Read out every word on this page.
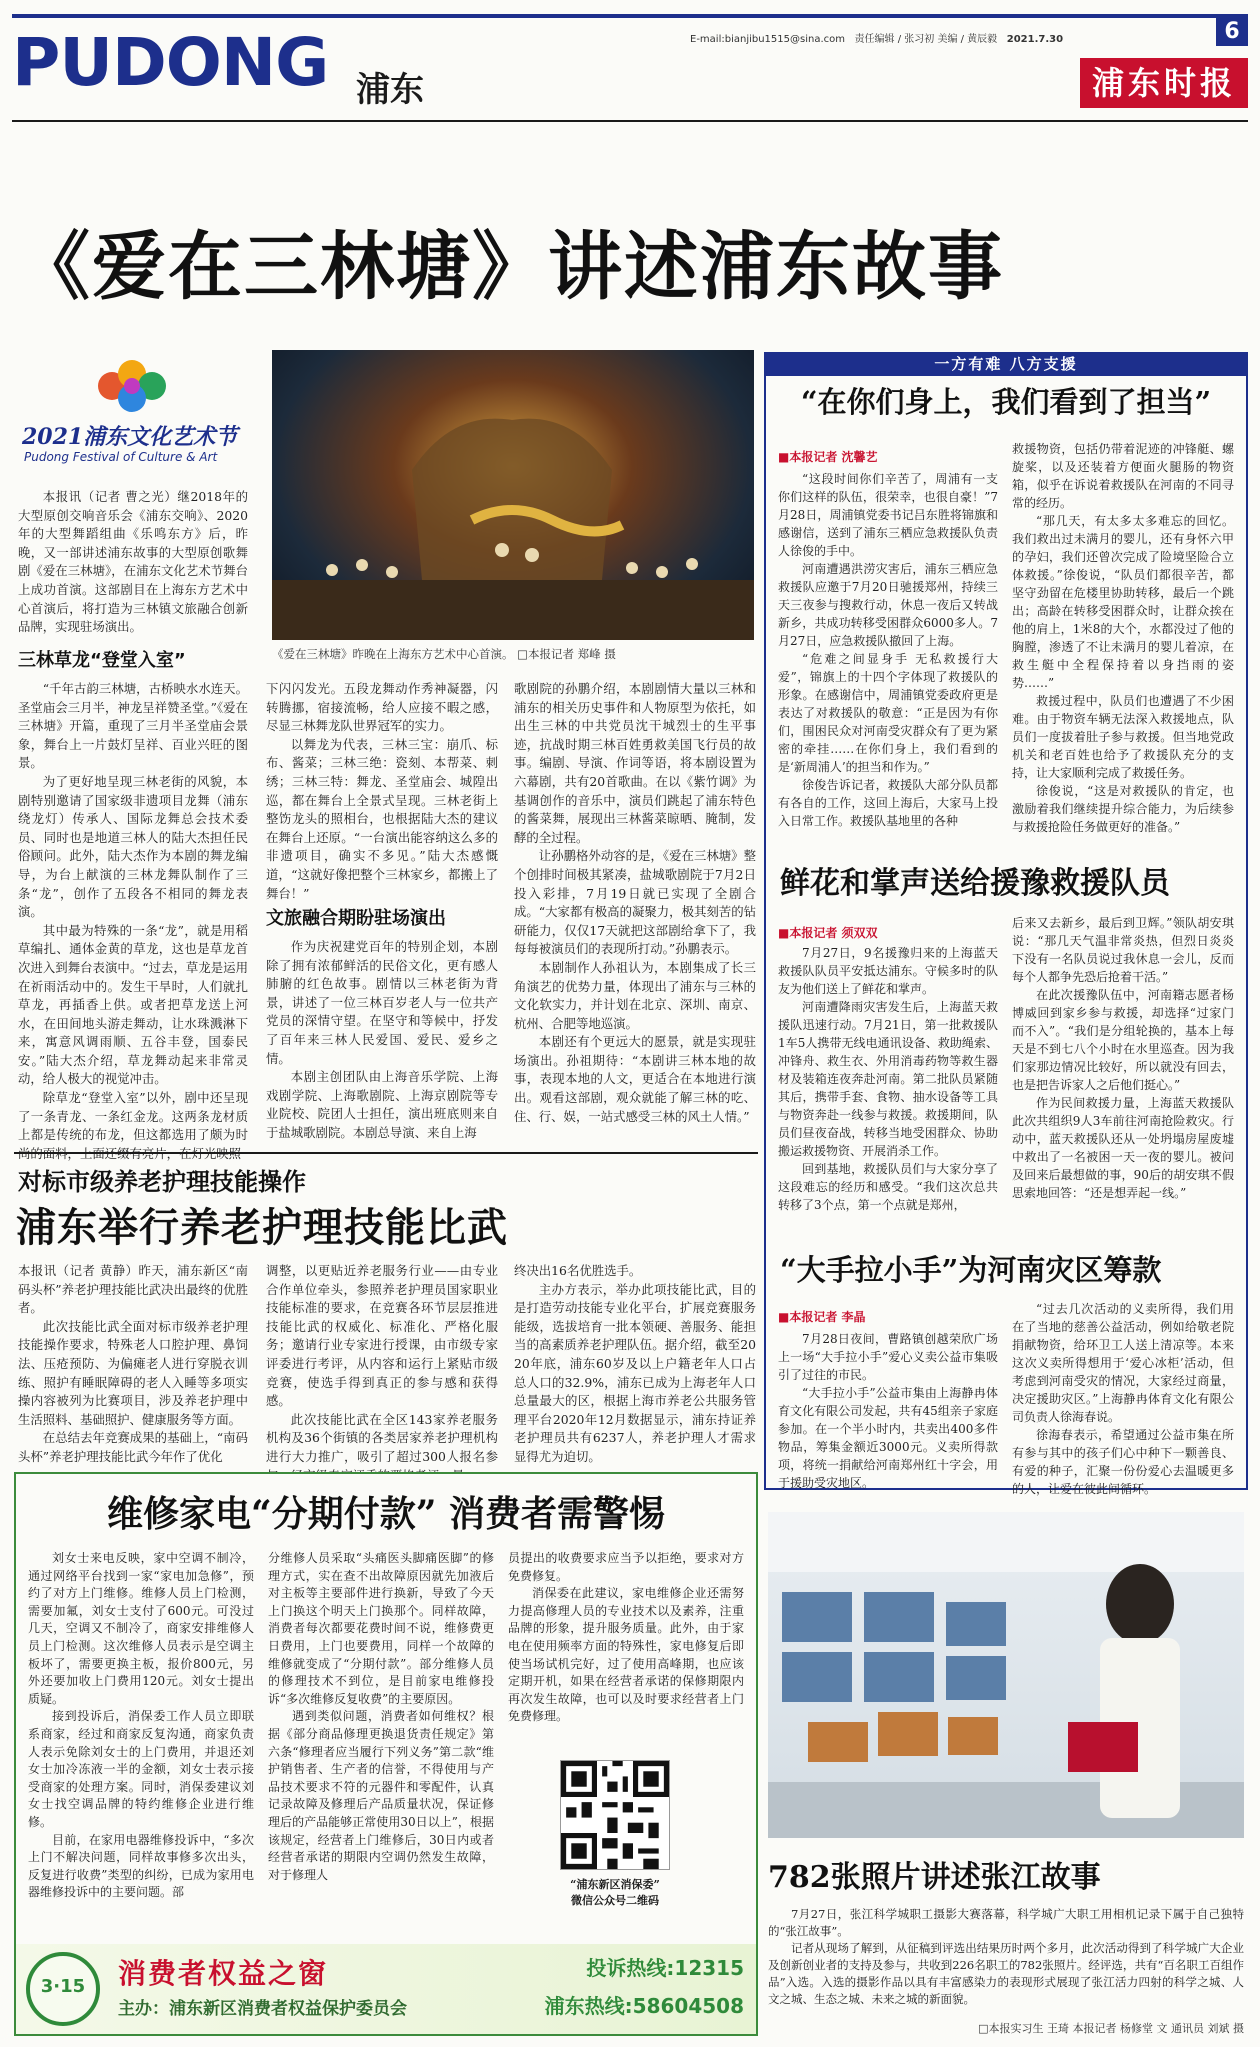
PUDONG 浦东
E-mail:bianjibu1515@sina.com 责任编辑 / 张习初 美编 / 黄辰毅 2021.7.30	6
浦东时报
《爱在三林塘》讲述浦东故事
2021浦东文化艺术节
Pudong Festival of Culture & Art

本报讯（记者 曹之光）继2018年的大型原创交响音乐会《浦东交响》、2020年的大型舞蹈组曲《乐鸣东方》后，昨晚，又一部讲述浦东故事的大型原创歌舞剧《爱在三林塘》，在浦东文化艺术节舞台上成功首演。这部剧目在上海东方艺术中心首演后，将打造为三林镇文旅融合创新品牌，实现驻场演出。

《爱在三林塘》昨晚在上海东方艺术中心首演。 □本报记者 郑峰 摄
三林草龙“登堂入室”

“千年古韵三林塘，古桥映水水连天。圣堂庙会三月半，神龙呈祥赞圣堂。”《爱在三林塘》开篇，重现了三月半圣堂庙会景象，舞台上一片鼓灯呈祥、百业兴旺的图景。

为了更好地呈现三林老街的风貌，本剧特别邀请了国家级非遗项目龙舞（浦东绕龙灯）传承人、国际龙舞总会技术委员、同时也是地道三林人的陆大杰担任民俗顾问。此外，陆大杰作为本剧的舞龙编导，为台上献演的三林龙舞队制作了三条“龙”，创作了五段各不相同的舞龙表演。

其中最为特殊的一条“龙”，就是用稻草编扎、通体金黄的草龙，这也是草龙首次进入到舞台表演中。“过去，草龙是运用在祈雨活动中的。发生干旱时，人们就扎草龙，再插香上供。或者把草龙送上河水，在田间地头游走舞动，让水珠溅淋下来，寓意风调雨顺、五谷丰登，国泰民安。”陆大杰介绍，草龙舞动起来非常灵动，给人极大的视觉冲击。

除草龙“登堂入室”以外，剧中还呈现了一条青龙、一条红金龙。这两条龙材质上都是传统的布龙，但这都选用了颇为时

下闪闪发光。五段龙舞动作秀神凝器，闪转腾挪，宿接流畅，给人应接不暇之感，尽显三林舞龙队世界冠军的实力。

以舞龙为代表，三林三宝：崩爪、标布、酱菜；三林三绝：瓷刻、本帮菜、刺绣；三林三特：舞龙、圣堂庙会、城隍出巡，都在舞台上全景式呈现。三林老街上整饬龙头的照相台，也根据陆大杰的建议在舞台上还原。“一台演出能容纳这么多的非遗项目，确实不多见。”陆大杰感慨道，“这就好像把整个三林家乡，都搬上了舞台！”

文旅融合期盼驻场演出

作为庆祝建党百年的特别企划，本剧除了拥有浓郁鲜活的民俗文化，更有感人肺腑的红色故事。剧情以三林老街为背景，讲述了一位三林百岁老人与一位共产党员的深情守望。在坚守和等候中，抒发了百年来三林人民爱国、爱民、爱乡之情。

本剧主创团队由上海音乐学院、上海戏剧学院、上海歌剧院、上海京剧院等专业院校、院团人士担任，演出班底则来自于盐城歌剧院。本剧总导演、来自上海

歌剧院的孙鹏介绍，本剧剧情大量以三林和浦东的相关历史事件和人物原型为依托，如出生三林的中共党员沈干城烈士的生平事迹，抗战时期三林百姓勇救美国飞行员的故事。编剧、导演、作词等语，将本剧设置为六幕剧，共有20首歌曲。在以《紫竹调》为基调创作的音乐中，演员们跳起了浦东特色的酱菜舞，展现出三林酱菜晾晒、腌制，发酵的全过程。

让孙鹏格外动容的是，《爱在三林塘》整个创排时间极其紧凑，盐城歌剧院于7月2日投入彩排，7月19日就已实现了全剧合成。“大家都有极高的凝聚力，极其刻苦的钻研能力，仅仅17天就把这部剧给拿下了，我每每被演员们的表现所打动。”孙鹏表示。

本剧制作人孙祖认为，本剧集成了长三角演艺的优势力量，体现出了浦东与三林的文化软实力，并计划在北京、深圳、南京、杭州、合肥等地巡演。

本剧还有个更远大的愿景，就是实现驻场演出。孙祖期待：“本剧讲三林本地的故事，表现本地的人文，更适合在本地进行演出。观看这部剧，观众就能了解三林的吃、住、行、娱，一站式感受三林的风土人情。”

对标市级养老护理技能操作
浦东举行养老护理技能比武

本报讯（记者 黄静）昨天，浦东新区“南码头杯”养老护理技能比武决出最终的优胜者。

此次技能比武全面对标市级养老护理技能操作要求，特殊老人口腔护理、鼻饲法、压疮预防、为偏瘫老人进行穿脱衣训练、照护有睡眠障碍的老人入睡等多项实操内容被列为比赛项目，涉及养老护理中生活照料、基础照护、健康服务等方面。

在总结去年竞赛成果的基础上，“南码头杯”养老护理技能比武今年作了优化

调整，以更贴近养老服务行业——由专业合作单位牵头，参照养老护理员国家职业技能标准的要求，在竞赛各环节层层推进技能比武的权威化、标准化、严格化服务；邀请行业专家进行授课，由市级专家评委进行考评，从内容和运行上紧贴市级竞赛，使选手得到真正的参与感和获得感。

此次技能比武在全区143家养老服务机构及36个街镇的各类居家养老护理机构进行大力推广，吸引了超过300人报名参

终决出16名优胜选手。

主办方表示，举办此项技能比武，目的是打造劳动技能专业化平台，扩展竞赛服务能级，选拔培育一批本领硬、善服务、能担当的高素质养老护理队伍。据介绍，截至2020年底，浦东60岁及以上户籍老年人口占总人口的32.9%，浦东已成为上海老年人口总量最大的区，根据上海市养老公共服务管理平台2020年12月数据显示，浦东持证养老护理员共有6237人，养老护理人才需求显得尤为迫切。

维修家电“分期付款” 消费者需警惕

刘女士来电反映，家中空调不制冷，通过网络平台找到一家“家电加急修”，预约了对方上门维修。维修人员上门检测，需要加氟，刘女士支付了600元。可没过几天，空调又不制冷了，商家安排维修人员上门检测。这次维修人员表示是空调主板坏了，需要更换主板，报价800元，另外还要加收上门费用120元。刘女士提出质疑。

接到投诉后，消保委工作人员立即联系商家，经过和商家反复沟通，商家负责人表示免除刘女士的上门费用，并退还刘女士加冷冻液一半的金额，刘女士表示接受商家的处理方案。同时，消保委建议刘女士找空调品牌的特约维修企业进行维修。

目前，在家用电器维修投诉中，“多次上门不解决问题，同样故事修多次出头，反复进行收费”类型的纠纷，已成为家用电器维修投诉中的主要问题。部

分维修人员采取“头痛医头脚痛医脚”的修理方式，实在查不出故障原因就先加液后对主板等主要部件进行换新，导致了今天上门换这个明天上门换那个。同样故障，消费者每次都要花费时间不说，维修费更日费用，上门也要费用，同样一个故障的维修就变成了“分期付款”。部分维修人员的修理技术不到位，是目前家电维修投诉“多次维修反复收费”的主要原因。

遇到类似问题，消费者如何维权？根据《部分商品修理更换退货责任规定》第六条“修理者应当履行下列义务”第二款“维护销售者、生产者的信誉，不得使用与产品技术要求不符的元器件和零配件，认真记录故障及修理后产品质量状况，保证修理后的产品能够正常使用30日以上”，根据该规定，经营者上门维修后，30日内或者经营者承诺的期限内空调仍然发生故障，对于修理人

员提出的收费要求应当予以拒绝，要求对方免费修复。

消保委在此建议，家电维修企业还需努力提高修理人员的专业技术以及素养，注重品牌的形象，提升服务质量。此外，由于家电在使用频率方面的特殊性，家电修复后即使当场试机完好，过了使用高峰期，也应该定期开机，如果在经营者承诺的保修期限内再次发生故障，也可以及时要求经营者上门免费修理。

“浦东新区消保委”
微信公众号二维码
3·15	消费者权益之窗
主办：浦东新区消费者权益保护委员会
投诉热线:12315
浦东热线:58604508
一方有难 八方支援
“在你们身上，我们看到了担当”
■本报记者 沈馨艺

“这段时间你们辛苦了，周浦有一支你们这样的队伍，很荣幸，也很自豪！”7月28日，周浦镇党委书记吕东胜将锦旗和感谢信，送到了浦东三栖应急救援队负责人徐俊的手中。

河南遭遇洪涝灾害后，浦东三栖应急救援队应邀于7月20日驰援郑州，持续三天三夜参与搜救行动，休息一夜后又转战新乡，共成功转移受困群众6000多人。7月27日，应急救援队撤回了上海。

“危难之间显身手 无私救援行大爱”，锦旗上的十四个字体现了救援队的形象。在感谢信中，周浦镇党委政府更是表达了对救援队的敬意：“正是因为有你们，围困民众对河南受灾群众有了更为紧密的牵挂……在你们身上，我们看到的是‘新周浦人’的担当和作为。”

徐俊告诉记者，救援队大部分队员都有各自的工作，这回上海后，大家马上投入日常工作。救援队基地里的各种

救援物资，包括仍带着泥迹的冲锋艇、螺旋桨，以及还装着方便面火腿肠的物资箱，似乎在诉说着救援队在河南的不同寻常的经历。

“那几天，有太多太多难忘的回忆。我们救出过未满月的婴儿，还有身怀六甲的孕妇，我们还曾次完成了险境坚险合立体救援。”徐俊说，“队员们都很辛苦，都坚守劲留在危楼里协助转移，最后一个跳出；高龄在转移受困群众时，让群众挨在他的肩上，1米8的大个，水都没过了他的胸膛，渗透了不让未满月的婴儿着凉，在救生艇中全程保持着以身挡雨的姿势……”

救援过程中，队员们也遭遇了不少困难。由于物资车辆无法深入救援地点，队员们一度拔着肚子参与救援。但当地党政机关和老百姓也给予了救援队充分的支持，让大家顺利完成了救援任务。

徐俊说，“这是对救援队的肯定，也激励着我们继续提升综合能力，为后续参与救援抢险任务做更好的准备。”

鲜花和掌声送给援豫救援队员
■本报记者 须双双

7月27日，9名援豫归来的上海蓝天救援队队员平安抵达浦东。守候多时的队友为他们送上了鲜花和掌声。

河南遭降雨灾害发生后，上海蓝天救援队迅速行动。7月21日，第一批救援队1车5人携带无线电通讯设备、救助绳索、冲锋舟、救生衣、外用消毒药物等救生器材及装箱连夜奔赴河南。第二批队员紧随其后，携带手套、食物、抽水设备等工具与物资奔赴一线参与救援。救援期间，队员们昼夜奋战，转移当地受困群众、协助搬运救援物资、开展消杀工作。

回到基地，救援队员们与大家分享了这段难忘的经历和感受。“我们这次总共转移了3个点，第一个点就是郑州，

后来又去新乡，最后到卫辉。”领队胡安琪说：“那几天气温非常炎热，但烈日炎炎下没有一名队员说过我休息一会儿，反而每个人都争先恐后抢着干活。”

在此次援豫队伍中，河南籍志愿者杨博威回到家乡参与救援，却选择“过家门而不入”。“我们是分组轮换的，基本上每天是不到七八个小时在水里巡查。因为我们家那边情况比较好，所以就没有回去，也是把告诉家人之后他们挺心。”

作为民间救援力量，上海蓝天救援队此次共组织9人3车前往河南抢险救灾。行动中，蓝天救援队还从一处坍塌房屋废墟中救出了一名被困一天一夜的婴儿。被问及回来后最想做的事，90后的胡安琪不假思索地回答：“还是想弄起一线。”

“大手拉小手”为河南灾区筹款
■本报记者 李晶

7月28日夜间，曹路镇创越荣欣广场上一场“大手拉小手”爱心义卖公益市集吸引了过往的市民。

“大手拉小手”公益市集由上海静冉体育文化有限公司发起，共有45组亲子家庭参加。在一个半小时内，共卖出400多件物品，筹集金额近3000元。义卖所得款项，将统一捐献给河南郑州红十字会，用于援助受灾地区。

“过去几次活动的义卖所得，我们用在了当地的慈善公益活动，例如给敬老院捐献物资，给环卫工人送上清凉等。本来这次义卖所得想用于‘爱心冰柜’活动，但考虑到河南受灾的情况，大家经过商量，决定援助灾区。”上海静冉体育文化有限公司负责人徐海春说。

徐海春表示，希望通过公益市集在所有参与其中的孩子们心中种下一颗善良、有爱的种子，汇聚一份份爱心去温暖更多的人，让爱在彼此间循环。

782张照片讲述张江故事

7月27日，张江科学城职工摄影大赛落幕，科学城广大职工用相机记录下属于自己独特的“张江故事”。

记者从现场了解到，从征稿到评选出结果历时两个多月，此次活动得到了科学城广大企业及创新创业者的支持及参与，共收到226名职工的782张照片。经评选，共有“百名职工百组作品”入选。入选的摄影作品以具有丰富感染力的表现形式展现了张江活力四射的科学之城、人文之城、生态之城、未来之城的新面貌。

□本报实习生 王琦 本报记者 杨修堂 文 通讯员 刘斌 摄
